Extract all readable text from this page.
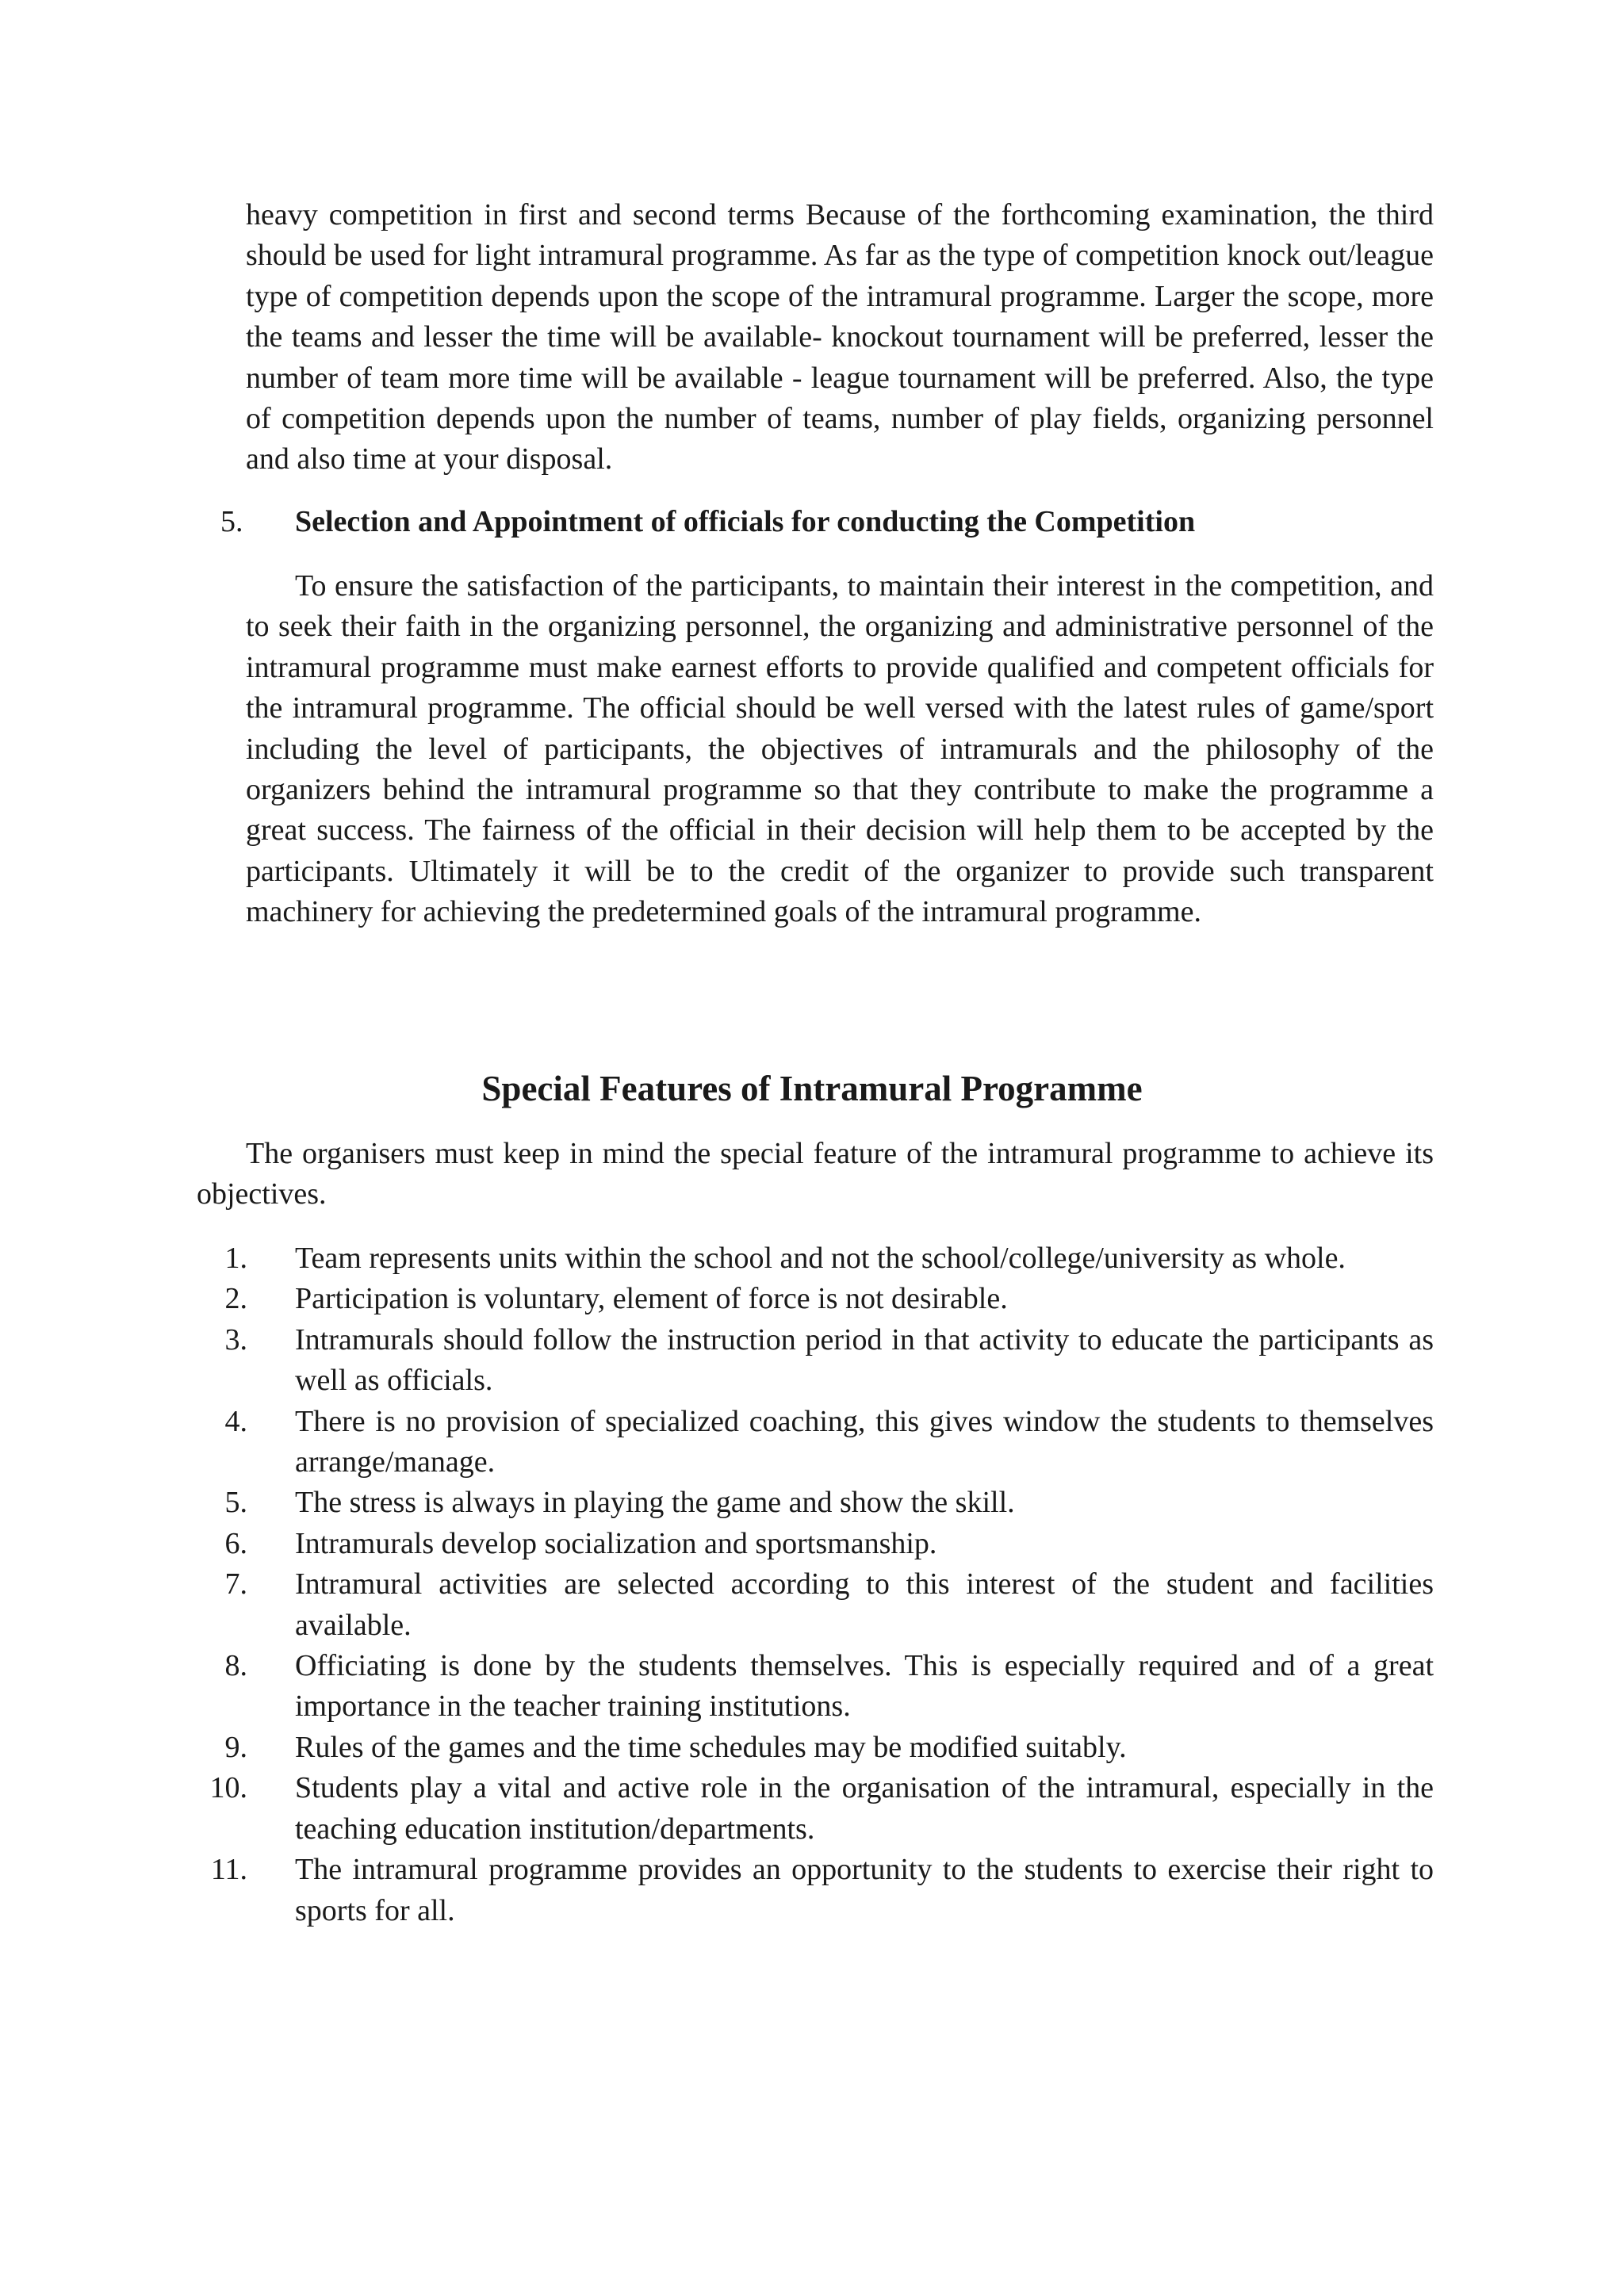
heavy competition in first and second terms Because of the forthcoming examination, the third should be used for light intramural programme. As far as the type of competition knock out/league type of competition depends upon the scope of the intramural programme. Larger the scope, more the teams and lesser the time will be available- knockout tournament will be preferred, lesser the number of team more time will be available - league tournament will be preferred. Also, the type of competition depends upon the number of teams, number of play fields, organizing personnel and also time at your disposal.

5. Selection and Appointment of officials for conducting the Competition

To ensure the satisfaction of the participants, to maintain their interest in the competition, and to seek their faith in the organizing personnel, the organizing and administrative personnel of the intramural programme must make earnest efforts to provide qualified and competent officials for the intramural programme. The official should be well versed with the latest rules of game/sport including the level of participants, the objectives of intramurals and the philosophy of the organizers behind the intramural programme so that they contribute to make the programme a great success. The fairness of the official in their decision will help them to be accepted by the participants. Ultimately it will be to the credit of the organizer to provide such transparent machinery for achieving the predetermined goals of the intramural programme.

Special Features of Intramural Programme

The organisers must keep in mind the special feature of the intramural programme to achieve its objectives.

1. Team represents units within the school and not the school/college/university as whole.
2. Participation is voluntary, element of force is not desirable.
3. Intramurals should follow the instruction period in that activity to educate the participants as well as officials.
4. There is no provision of specialized coaching, this gives window the students to themselves arrange/manage.
5. The stress is always in playing the game and show the skill.
6. Intramurals develop socialization and sportsmanship.
7. Intramural activities are selected according to this interest of the student and facilities available.
8. Officiating is done by the students themselves. This is especially required and of a great importance in the teacher training institutions.
9. Rules of the games and the time schedules may be modified suitably.
10. Students play a vital and active role in the organisation of the intramural, especially in the teaching education institution/departments.
11. The intramural programme provides an opportunity to the students to exercise their right to sports for all.
